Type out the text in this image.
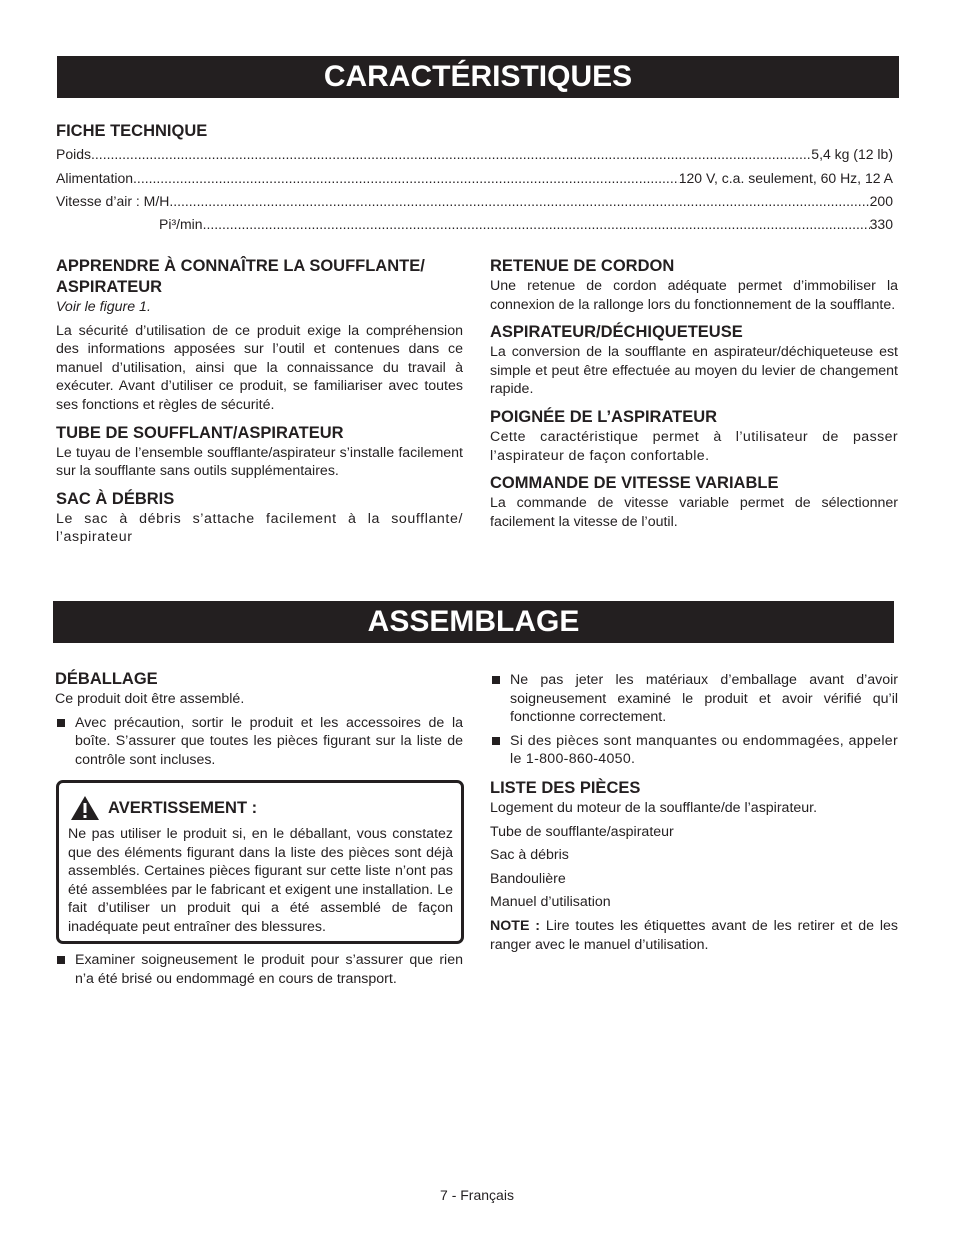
CARACTÉRISTIQUES
FICHE TECHNIQUE
Poids .....	5,4 kg (12 lb)
Alimentation .....	120 V, c.a. seulement, 60 Hz, 12 A
Vitesse d’air : M/H .....	200
Pi³/min .....	330
APPRENDRE À CONNAÎTRE LA SOUFFLANTE/
ASPIRATEUR

Voir le figure 1.

La sécurité d’utilisation de ce produit exige la compréhension des informations apposées sur l’outil et contenues dans ce manuel d’utilisation, ainsi que la connaissance du travail à exécuter. Avant d’utiliser ce produit, se familiariser avec toutes ses fonctions et règles de sécurité.

TUBE DE SOUFFLANT/ASPIRATEUR

Le tuyau de l’ensemble soufflante/aspirateur s’installe facilement sur la soufflante sans outils supplémentaires.

SAC À DÉBRIS

Le sac à débris s’attache facilement à la soufflante/ l’aspirateur

RETENUE DE CORDON

Une retenue de cordon adéquate permet d’immobiliser la connexion de la rallonge lors du fonctionnement de la soufflante.

ASPIRATEUR/DÉCHIQUETEUSE

La conversion de la soufflante en aspirateur/déchiqueteuse est simple et peut être effectuée au moyen du levier de changement rapide.

POIGNÉE DE L’ASPIRATEUR

Cette caractéristique permet à l’utilisateur de passer l’aspirateur de façon confortable.

COMMANDE DE VITESSE VARIABLE

La commande de vitesse variable permet de sélectionner facilement la vitesse de l’outil.

ASSEMBLAGE
DÉBALLAGE

Ce produit doit être assemblé.

Avec précaution, sortir le produit et les accessoires de la boîte. S’assurer que toutes les pièces figurant sur la liste de contrôle sont incluses.
AVERTISSEMENT :

Ne pas utiliser le produit si, en le déballant, vous constatez que des éléments figurant dans la liste des pièces sont déjà assemblés. Certaines pièces figurant sur cette liste n’ont pas été assemblées par le fabricant et exigent une installation. Le fait d’utiliser un produit qui a été assemblé de façon inadéquate peut entraîner des blessures.

Examiner soigneusement le produit pour s’assurer que rien n’a été brisé ou endommagé en cours de transport.
Ne pas jeter les matériaux d’emballage avant d’avoir soigneusement examiné le produit et avoir vérifié qu’il fonctionne correctement.
Si des pièces sont manquantes ou endommagées, appeler le 1-800-860-4050.
LISTE DES PIÈCES

Logement du moteur de la soufflante/de l’aspirateur.

Tube de soufflante/aspirateur

Sac à débris

Bandoulière

Manuel d’utilisation

NOTE : Lire toutes les étiquettes avant de les retirer et de les ranger avec le manuel d’utilisation.

7 - Français
